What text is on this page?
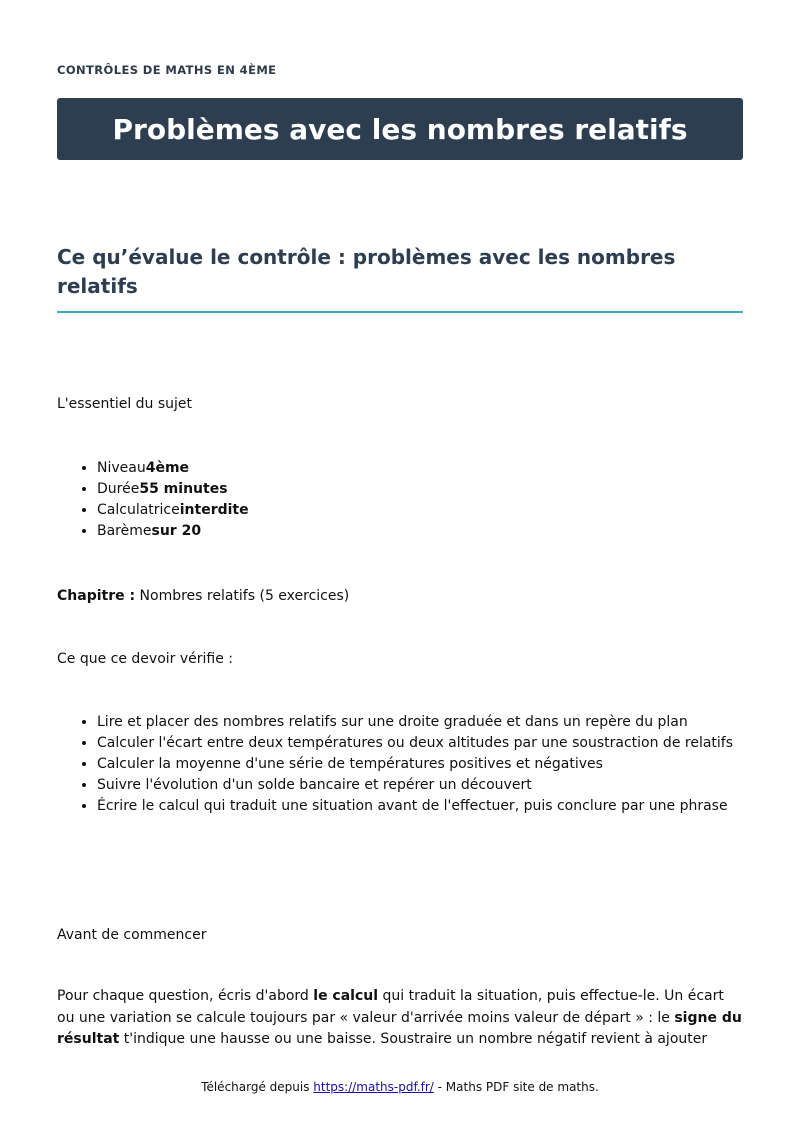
CONTRÔLES DE MATHS EN 4ÈME
Problèmes avec les nombres relatifs
Ce qu’évalue le contrôle : problèmes avec les nombres relatifs
L'essentiel du sujet
• Niveau4ème
• Durée55 minutes
• Calculatriceinterdite
• Barèmesur 20
Chapitre : Nombres relatifs (5 exercices)
Ce que ce devoir vérifie :
• Lire et placer des nombres relatifs sur une droite graduée et dans un repère du plan
• Calculer l'écart entre deux températures ou deux altitudes par une soustraction de relatifs
• Calculer la moyenne d'une série de températures positives et négatives
• Suivre l'évolution d'un solde bancaire et repérer un découvert
• Écrire le calcul qui traduit une situation avant de l'effectuer, puis conclure par une phrase
Avant de commencer
Pour chaque question, écris d'abord le calcul qui traduit la situation, puis effectue-le. Un écart ou une variation se calcule toujours par « valeur d'arrivée moins valeur de départ » : le signe du résultat t'indique une hausse ou une baisse. Soustraire un nombre négatif revient à ajouter
Téléchargé depuis https://maths-pdf.fr/ - Maths PDF site de maths.
